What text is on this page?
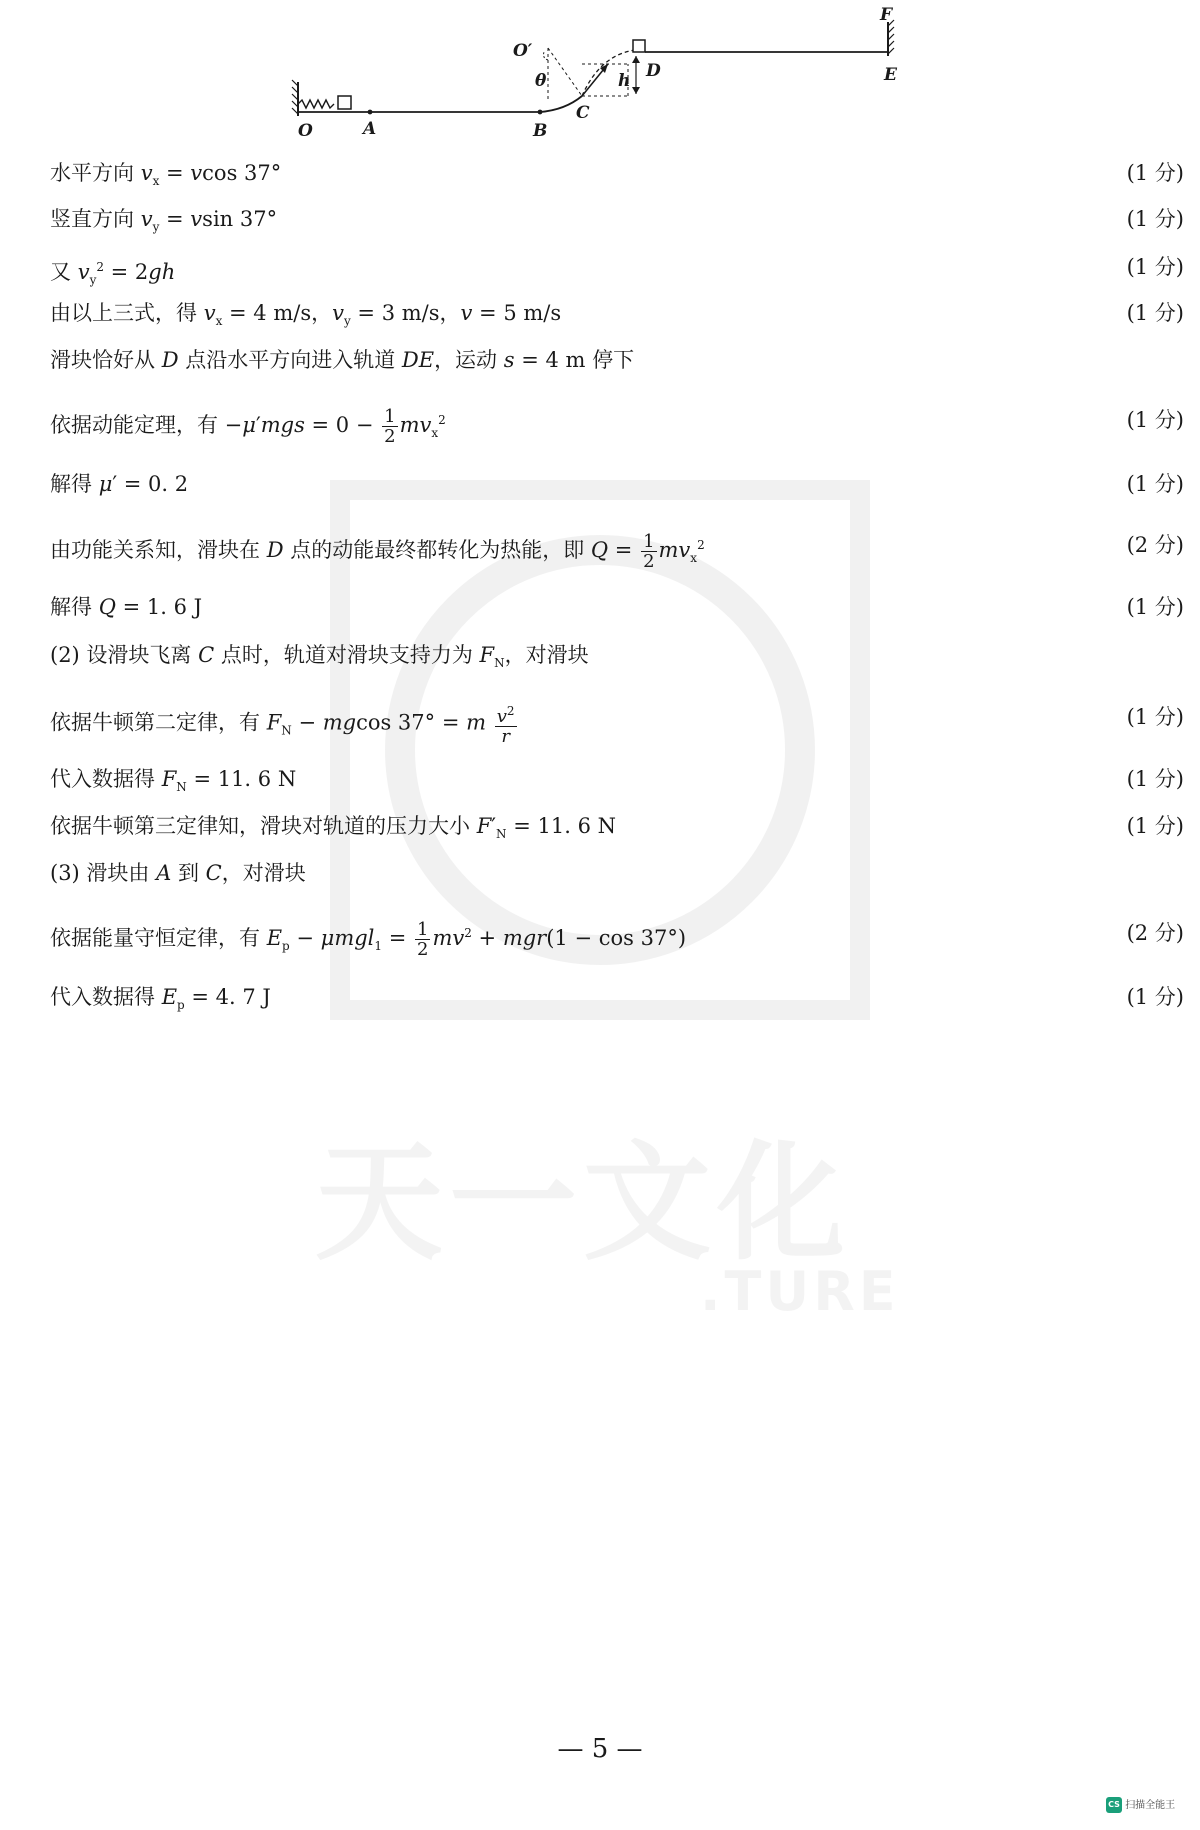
O	A	B
C
D	E
F
O′
θ	h
水平方向 $v_x = vcos$ 37°	(1 分)
竖直方向 $v_y = vsin$ 37°	(1 分)
又 $v_y^2 = 2gh$	(1 分)
由以上三式，得 $v_x = 4$ m/s，$v_y = 3$ m/s，v = 5 m/s	(1 分)
滑块恰好从 D 点沿水平方向进入轨道 DE，运动 s = 4 m 停下
依据动能定理，有 $-\mu'mgs = 0 - \frac{1}{2} mv_x^2$	(1 分)
解得 μ′ = 0. 2	(1 分)
由功能关系知，滑块在 D 点的动能最终都转化为热能，即 $Q = \frac{1}{2} mv_x^2$	(2 分)
解得 Q = 1. 6 J	(1 分)
(2) 设滑块飞离 C 点时，轨道对滑块支持力为 $F_N$，对滑块
依据牛顿第二定律，有 $F_N - mgcos$ 37° = m $\frac{v^2}{r}$	(1 分)
代入数据得 $F_N = 11$. 6 N	(1 分)
依据牛顿第三定律知，滑块对轨道的压力大小 $F'_N = 11$. 6 N	(1 分)
(3) 滑块由 A 到 C，对滑块
依据能量守恒定律，有 $E_p - \mu mgl_1 = \frac{1}{2} mv^2 + mgr(1 - \cos 37^\circ)$	(2 分)
代入数据得 $E_p = 4$. 7 J	(1 分)
— 5 —
CS 扫描全能王
